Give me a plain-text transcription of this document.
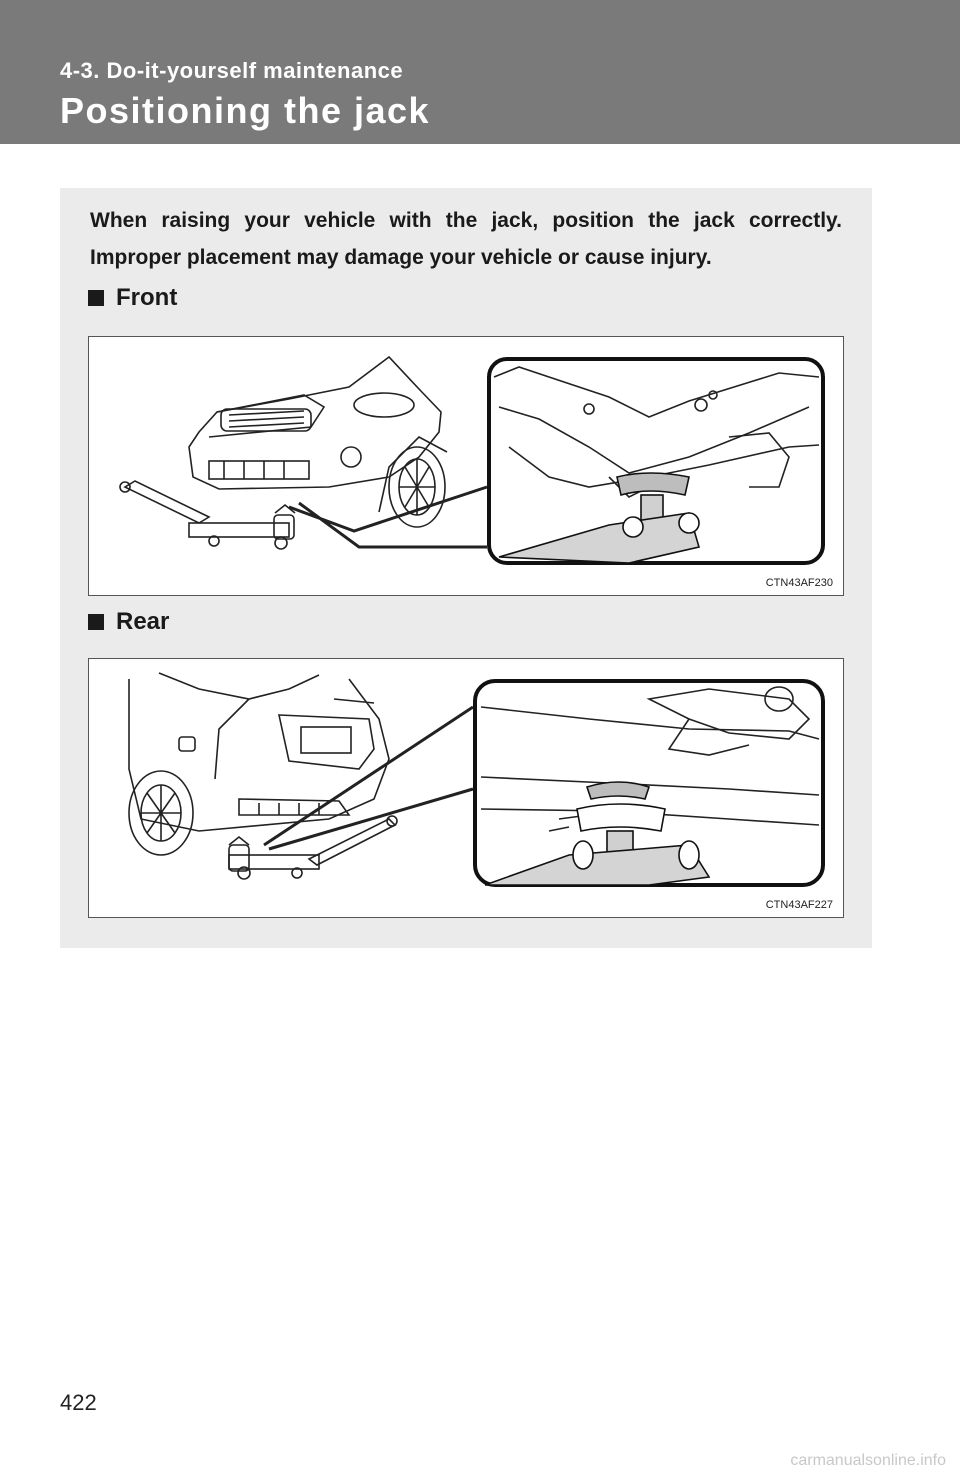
4-3. Do-it-yourself maintenance
Positioning the jack
When raising your vehicle with the jack, position the jack correctly. Improper placement may damage your vehicle or cause injury.
Front
CTN43AF230
Rear
CTN43AF227
422
carmanualsonline.info
